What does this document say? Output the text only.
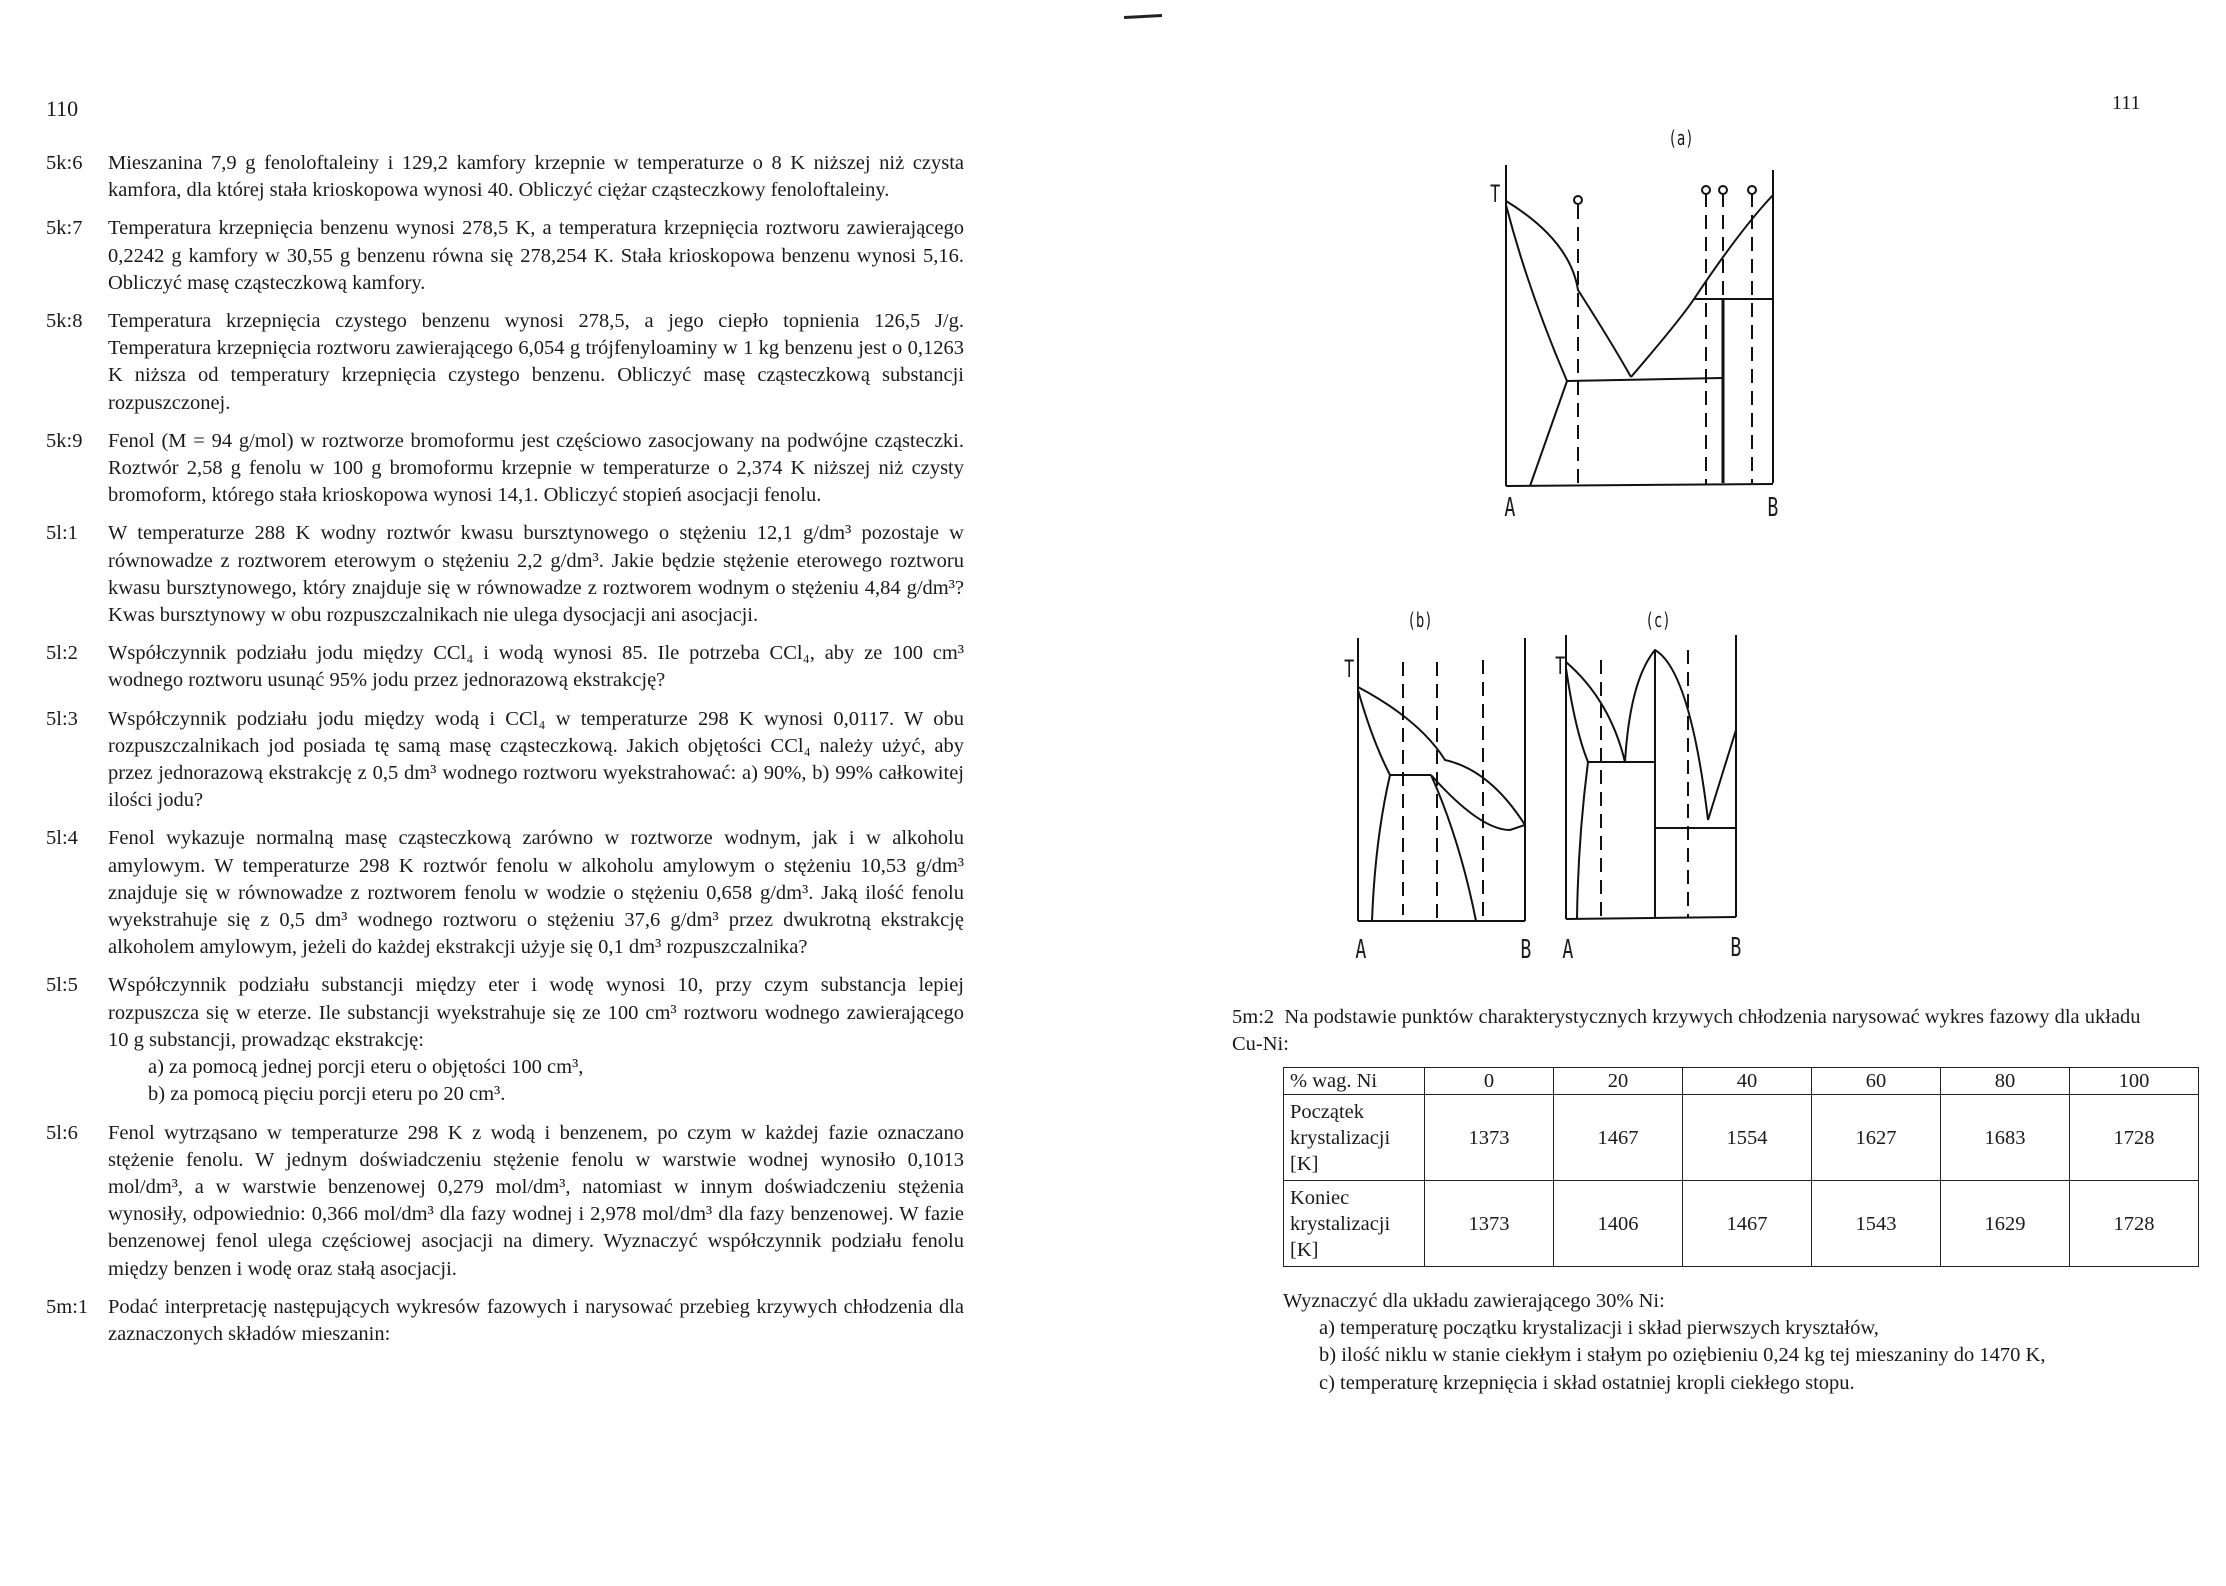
110
5k:6 Mieszanina 7,9 g fenoloftaleiny i 129,2 kamfory krzepnie w temperaturze o 8 K niższej niż czysta kamfora, dla której stała krioskopowa wynosi 40. Obliczyć ciężar cząsteczkowy fenoloftaleiny.

5k:7 Temperatura krzepnięcia benzenu wynosi 278,5 K, a temperatura krzepnięcia roztworu zawierającego 0,2242 g kamfory w 30,55 g benzenu równa się 278,254 K. Stała krioskopowa benzenu wynosi 5,16. Obliczyć masę cząsteczkową kamfory.

5k:8 Temperatura krzepnięcia czystego benzenu wynosi 278,5, a jego ciepło topnienia 126,5 J/g. Temperatura krzepnięcia roztworu zawierającego 6,054 g trójfenyloaminy w 1 kg benzenu jest o 0,1263 K niższa od temperatury krzepnięcia czystego benzenu. Obliczyć masę cząsteczkową substancji rozpuszczonej.

5k:9 Fenol (M = 94 g/mol) w roztworze bromoformu jest częściowo zasocjowany na podwójne cząsteczki. Roztwór 2,58 g fenolu w 100 g bromoformu krzepnie w temperaturze o 2,374 K niższej niż czysty bromoform, którego stała krioskopowa wynosi 14,1. Obliczyć stopień asocjacji fenolu.

5l:1 W temperaturze 288 K wodny roztwór kwasu bursztynowego o stężeniu 12,1 g/dm³ pozostaje w równowadze z roztworem eterowym o stężeniu 2,2 g/dm³. Jakie będzie stężenie eterowego roztworu kwasu bursztynowego, który znajduje się w równowadze z roztworem wodnym o stężeniu 4,84 g/dm³? Kwas bursztynowy w obu rozpuszczalnikach nie ulega dysocjacji ani asocjacji.

5l:2 Współczynnik podziału jodu między CCl₄ i wodą wynosi 85. Ile potrzeba CCl₄, aby ze 100 cm³ wodnego roztworu usunąć 95% jodu przez jednorazową ekstrakcję?

5l:3 Współczynnik podziału jodu między wodą i CCl₄ w temperaturze 298 K wynosi 0,0117. W obu rozpuszczalnikach jod posiada tę samą masę cząsteczkową. Jakich objętości CCl₄ należy użyć, aby przez jednorazową ekstrakcję z 0,5 dm³ wodnego roztworu wyekstrahować: a) 90%, b) 99% całkowitej ilości jodu?

5l:4 Fenol wykazuje normalną masę cząsteczkową zarówno w roztworze wodnym, jak i w alkoholu amylowym. W temperaturze 298 K roztwór fenolu w alkoholu amylowym o stężeniu 10,53 g/dm³ znajduje się w równowadze z roztworem fenolu w wodzie o stężeniu 0,658 g/dm³. Jaką ilość fenolu wyekstrahuje się z 0,5 dm³ wodnego roztworu o stężeniu 37,6 g/dm³ przez dwukrotną ekstrakcję alkoholem amylowym, jeżeli do każdej ekstrakcji użyje się 0,1 dm³ rozpuszczalnika?

5l:5 Współczynnik podziału substancji między eter i wodę wynosi 10, przy czym substancja lepiej rozpuszcza się w eterze. Ile substancji wyekstrahuje się ze 100 cm³ roztworu wodnego zawierającego 10 g substancji, prowadząc ekstrakcję:

a) za pomocą jednej porcji eteru o objętości 100 cm³,
b) za pomocą pięciu porcji eteru po 20 cm³.
5l:6 Fenol wytrząsano w temperaturze 298 K z wodą i benzenem, po czym w każdej fazie oznaczano stężenie fenolu. W jednym doświadczeniu stężenie fenolu w warstwie wodnej wynosiło 0,1013 mol/dm³, a w warstwie benzenowej 0,279 mol/dm³, natomiast w innym doświadczeniu stężenia wynosiły, odpowiednio: 0,366 mol/dm³ dla fazy wodnej i 2,978 mol/dm³ dla fazy benzenowej. W fazie benzenowej fenol ulega częściowej asocjacji na dimery. Wyznaczyć współczynnik podziału fenolu między benzen i wodę oraz stałą asocjacji.

5m:1 Podać interpretację następujących wykresów fazowych i narysować przebieg krzywych chłodzenia dla zaznaczonych składów mieszanin:

111
(a)
T
A	B
(b)
T
A	B
(c)
T
A	B
5m:2 Na podstawie punktów charakterystycznych krzywych chłodzenia narysować wykres fazowy dla układu Cu-Ni:
% wag. Ni	0	20	40	60	80	100
Początek krystalizacji [K]	1373	1467	1554	1627	1683	1728
Koniec krystalizacji [K]	1373	1406	1467	1543	1629	1728
Wyznaczyć dla układu zawierającego 30% Ni:
a) temperaturę początku krystalizacji i skład pierwszych kryształów,
b) ilość niklu w stanie ciekłym i stałym po oziębieniu 0,24 kg tej mieszaniny do 1470 K,
c) temperaturę krzepnięcia i skład ostatniej kropli ciekłego stopu.
